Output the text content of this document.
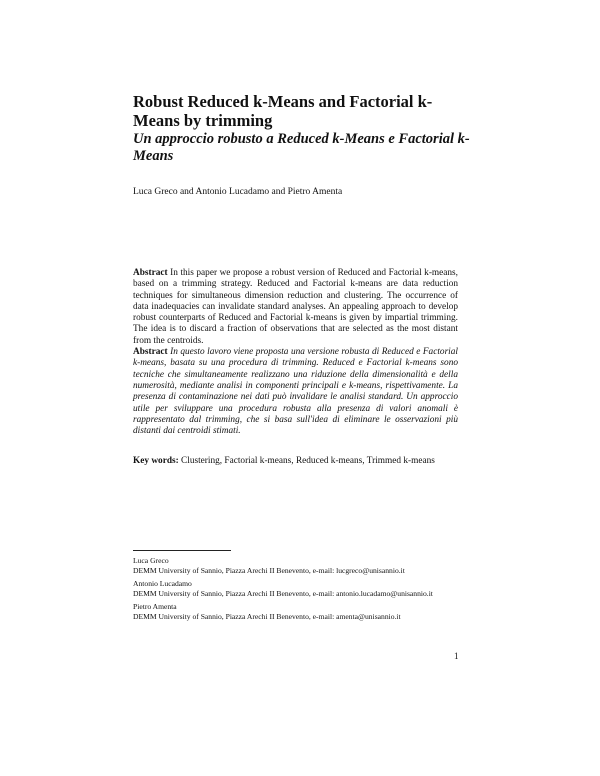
Robust Reduced k-Means and Factorial k-Means by trimming
Un approccio robusto a Reduced k-Means e Factorial k-Means
Luca Greco and Antonio Lucadamo and Pietro Amenta

Abstract In this paper we propose a robust version of Reduced and Factorial k-means, based on a trimming strategy. Reduced and Factorial k-means are data reduction techniques for simultaneous dimension reduction and clustering. The occurrence of data inadequacies can invalidate standard analyses. An appealing approach to develop robust counterparts of Reduced and Factorial k-means is given by impartial trimming. The idea is to discard a fraction of observations that are selected as the most distant from the centroids.

Abstract In questo lavoro viene proposta una versione robusta di Reduced e Factorial k-means, basata su una procedura di trimming. Reduced e Factorial k-means sono tecniche che simultaneamente realizzano una riduzione della dimensionalità e della numerosità, mediante analisi in componenti principali e k-means, rispettivamente. La presenza di contaminazione nei dati può invalidare le analisi standard. Un approccio utile per sviluppare una procedura robusta alla presenza di valori anomali è rappresentato dal trimming, che si basa sull'idea di eliminare le osservazioni più distanti dai centroidi stimati.

Key words: Clustering, Factorial k-means, Reduced k-means, Trimmed k-means
Luca Greco
DEMM University of Sannio, Piazza Arechi II Benevento, e-mail: lucgreco@unisannio.it
Antonio Lucadamo
DEMM University of Sannio, Piazza Arechi II Benevento, e-mail: antonio.lucadamo@unisannio.it
Pietro Amenta
DEMM University of Sannio, Piazza Arechi II Benevento, e-mail: amenta@unisannio.it
1
